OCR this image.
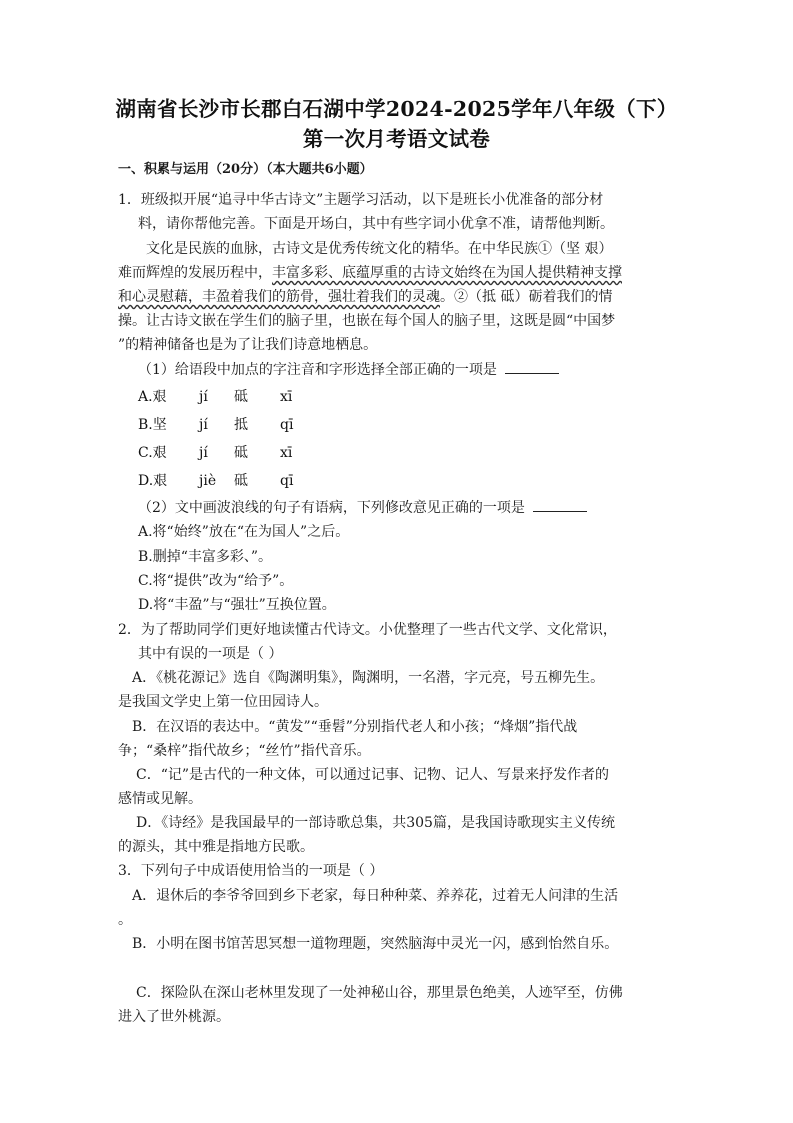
湖南省长沙市长郡白石湖中学2024-2025学年八年级（下）
第一次月考语文试卷
一、积累与运用（20分）（本大题共6小题）
1．班级拟开展“追寻中华古诗文”主题学习活动，以下是班长小优准备的部分材
料，请你帮他完善。下面是开场白，其中有些字词小优拿不准，请帮他判断。
文化是民族的血脉，古诗文是优秀传统文化的精华。在中华民族①（坚 艰）
难而辉煌的发展历程中，丰富多彩、底蕴厚重的古诗文始终在为国人提供精神支撑
和心灵慰藉，丰盈着我们的筋骨，强壮着我们的灵魂。②（抵 砥）砺着我们的情
操。让古诗文嵌在学生们的脑子里，也嵌在每个国人的脑子里，这既是圆“中国梦
”的精神储备也是为了让我们诗意地栖息。
（1）给语段中加点的字注音和字形选择全部正确的一项是
A.艰 jí 砥 xī
B.坚 jí 抵 qī
C.艰 jí 砥 xī
D.艰 jiè 砥 qī
（2）文中画波浪线的句子有语病，下列修改意见正确的一项是
A.将“始终”放在“在为国人”之后。
B.删掉“丰富多彩、”。
C.将“提供”改为“给予”。
D.将“丰盈”与“强壮”互换位置。
2．为了帮助同学们更好地读懂古代诗文。小优整理了一些古代文学、文化常识，
其中有误的一项是（ ）
A．《桃花源记》选自《陶渊明集》，陶渊明，一名潜，字元亮，号五柳先生。
是我国文学史上第一位田园诗人。
B．在汉语的表达中。“黄发”“垂髫”分别指代老人和小孩；“烽烟”指代战
争；“桑梓”指代故乡；“丝竹”指代音乐。
C．“记”是古代的一种文体，可以通过记事、记物、记人、写景来抒发作者的
感情或见解。
D．《诗经》是我国最早的一部诗歌总集，共305篇，是我国诗歌现实主义传统
的源头，其中雅是指地方民歌。
3．下列句子中成语使用恰当的一项是（ ）
A．退休后的李爷爷回到乡下老家，每日种种菜、养养花，过着无人问津的生活
。
B．小明在图书馆苦思冥想一道物理题，突然脑海中灵光一闪，感到怡然自乐。
C．探险队在深山老林里发现了一处神秘山谷，那里景色绝美，人迹罕至，仿佛
进入了世外桃源。
